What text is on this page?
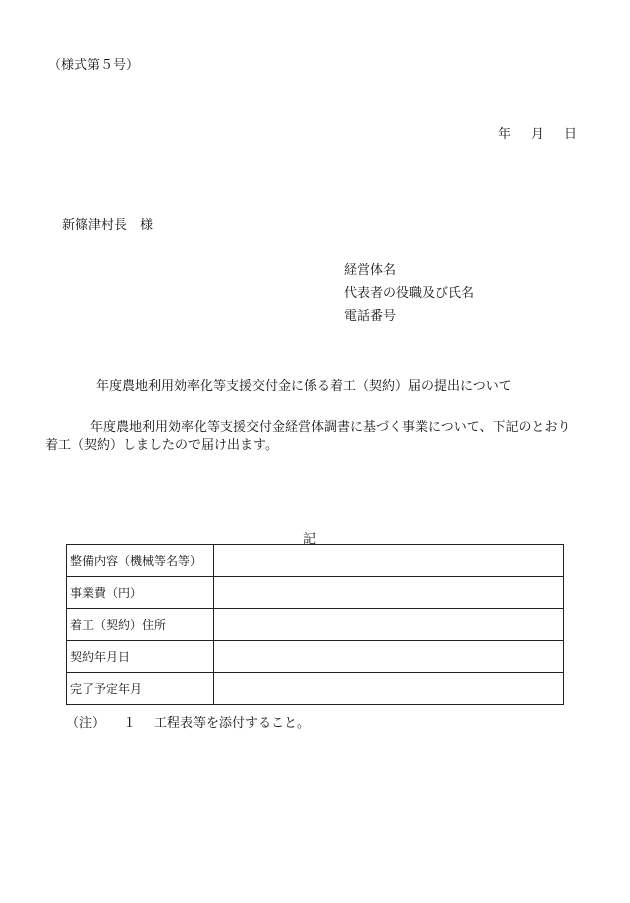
（様式第５号）
年 月 日
新篠津村長　様
経営体名
代表者の役職及び氏名
電話番号
年度農地利用効率化等支援交付金に係る着工（契約）届の提出について
年度農地利用効率化等支援交付金経営体調書に基づく事業について、下記のとおり着工（契約）しましたので届け出ます。
記
整備内容（機械等名等）	
事業費（円）	
着工（契約）住所	
契約年月日	
完了予定年月	
（注） １ 工程表等を添付すること。
